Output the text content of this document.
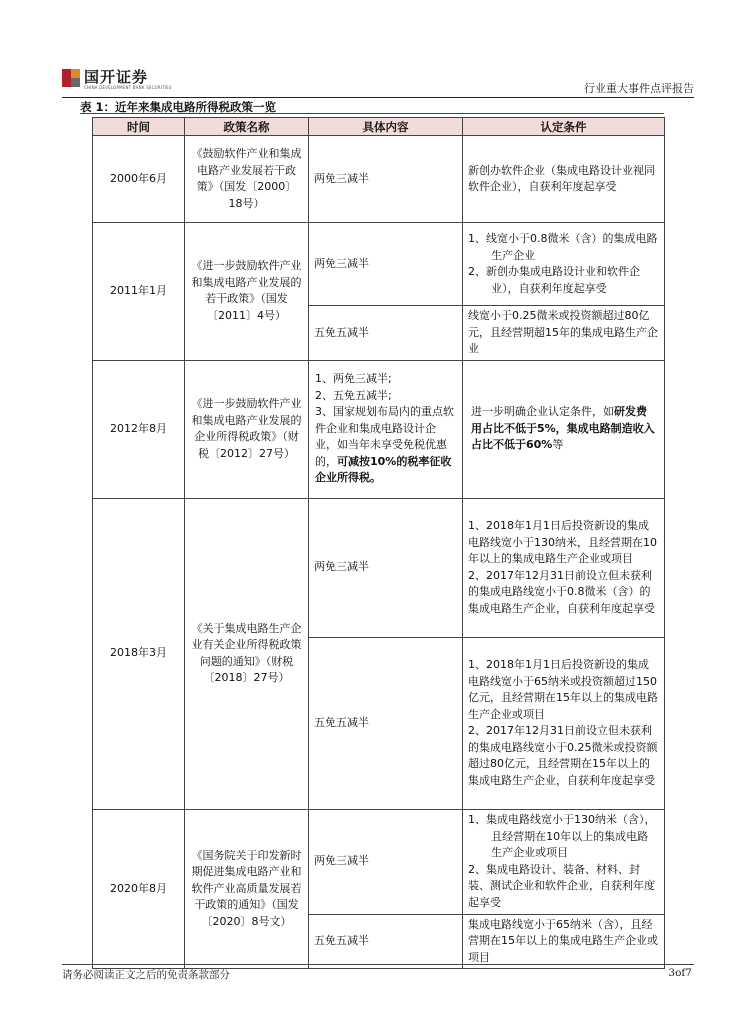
国开证券
CHINA DEVELOPMENT BANK SECURITIES	行业重大事件点评报告
表 1：近年来集成电路所得税政策一览
时间	政策名称	具体内容	认定条件
2000年6月	《鼓励软件产业和集成电路产业发展若干政策》（国发〔2000〕18号）	两免三减半	新创办软件企业（集成电路设计业视同软件企业），自获利年度起享受
2011年1月	《进一步鼓励软件产业和集成电路产业发展的若干政策》（国发〔2011〕4号）	两免三减半	1、线宽小于0.8微米（含）的集成电路生产企业
2、新创办集成电路设计业和软件企业），自获利年度起享受

		五免五减半	线宽小于0.25微米或投资额超过80亿元，且经营期超15年的集成电路生产企业
2012年8月	《进一步鼓励软件产业和集成电路产业发展的企业所得税政策》（财税〔2012〕27号）	1、两免三减半;
2、五免五减半;
3、国家规划布局内的重点软件企业和集成电路设计企业，如当年未享受免税优惠的，可减按10%的税率征收企业所得税。	进一步明确企业认定条件，如研发费用占比不低于5%，集成电路制造收入占比不低于60%等
2018年3月	《关于集成电路生产企业有关企业所得税政策问题的通知》（财税〔2018〕27号）	两免三减半	1、2018年1月1日后投资新设的集成电路线宽小于130纳米，且经营期在10年以上的集成电路生产企业或项目
2、2017年12月31日前设立但未获利的集成电路线宽小于0.8微米（含）的集成电路生产企业，自获利年度起享受

		五免五减半	1、2018年1月1日后投资新设的集成电路线宽小于65纳米或投资额超过150亿元，且经营期在15年以上的集成电路生产企业或项目
2、2017年12月31日前设立但未获利的集成电路线宽小于0.25微米或投资额超过80亿元，且经营期在15年以上的集成电路生产企业，自获利年度起享受

2020年8月	《国务院关于印发新时期促进集成电路产业和软件产业高质量发展若干政策的通知》（国发〔2020〕8号文）	两免三减半	1、集成电路线宽小于130纳米（含），且经营期在10年以上的集成电路生产企业或项目
2、集成电路设计、装备、材料、封装、测试企业和软件企业，自获利年度起享受

		五免五减半	集成电路线宽小于65纳米（含），且经营期在15年以上的集成电路生产企业或项目
请务必阅读正文之后的免责条款部分	3of7
